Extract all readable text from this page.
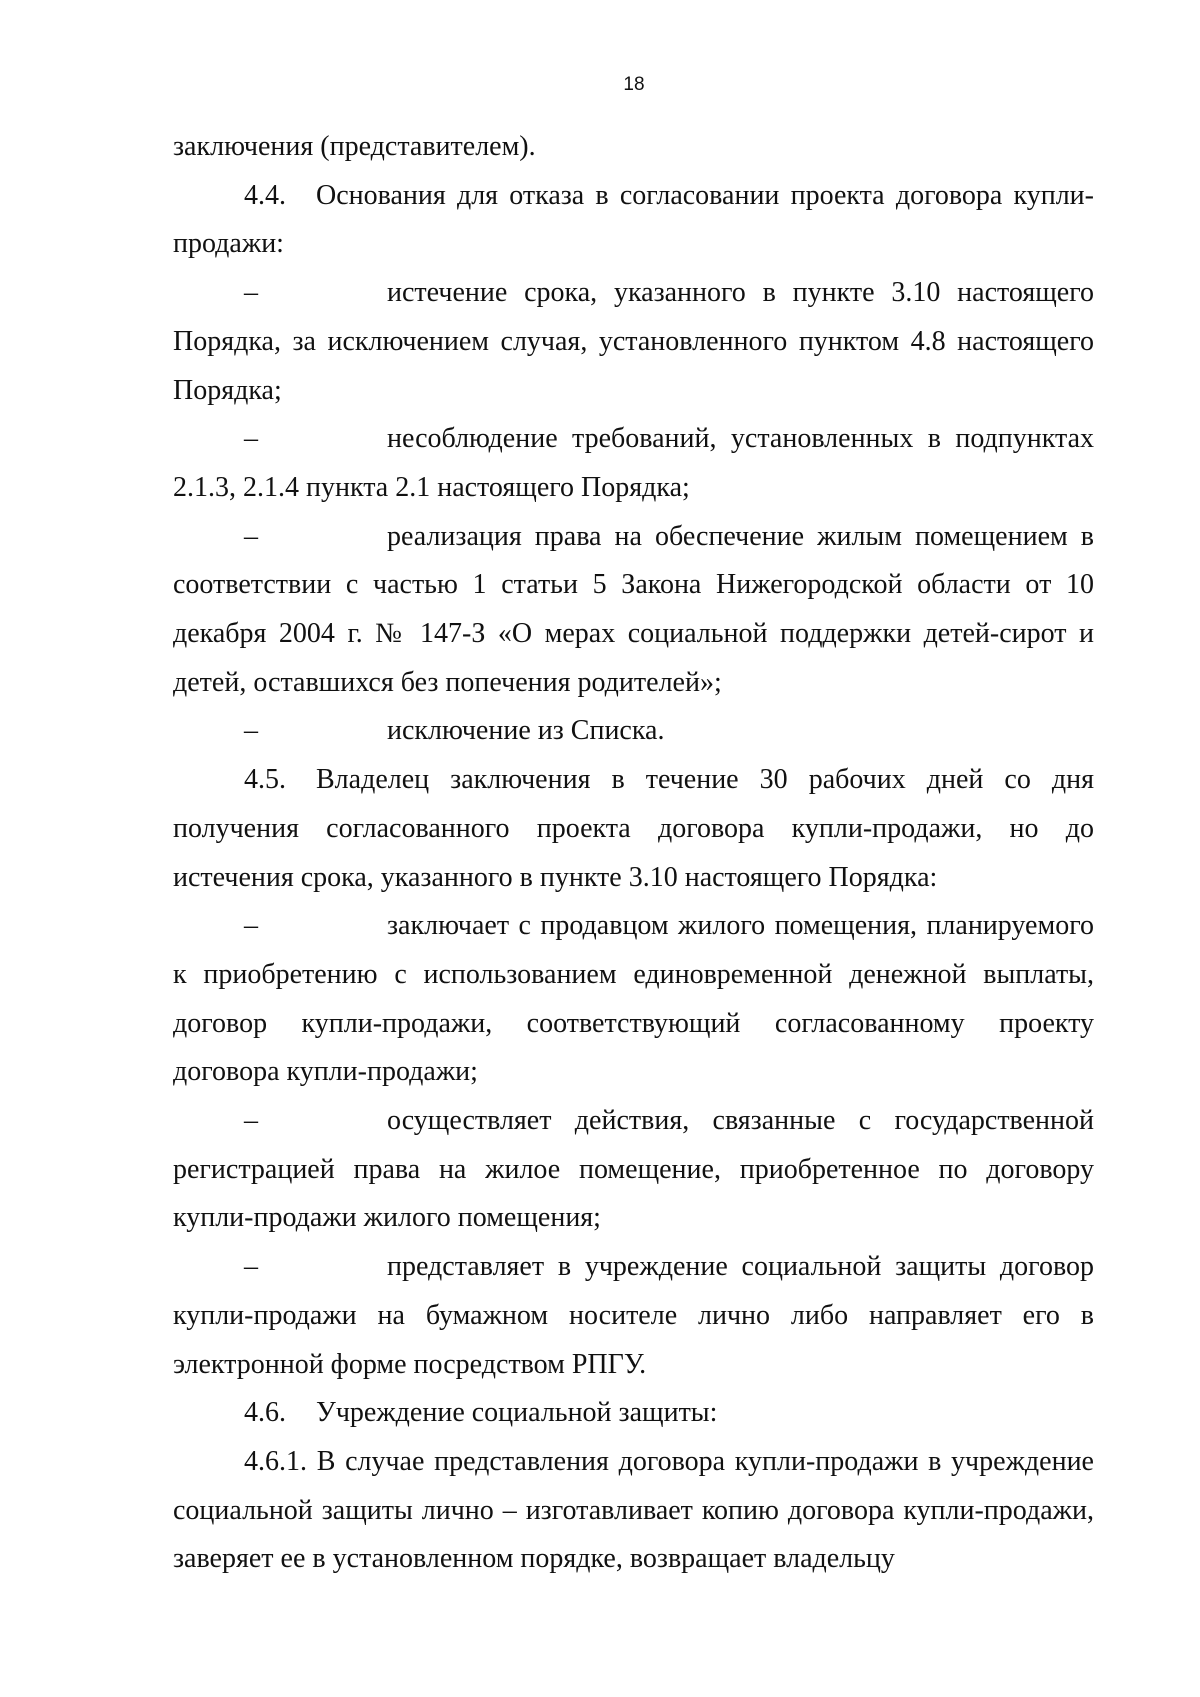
18

заключения (представителем).

4.4. Основания для отказа в согласовании проекта договора купли-продажи:

–	истечение срока, указанного в пункте 3.10 настоящего Порядка, за исключением случая, установленного пунктом 4.8 настоящего Порядка;

–	несоблюдение требований, установленных в подпунктах 2.1.3, 2.1.4 пункта 2.1 настоящего Порядка;

–	реализация права на обеспечение жилым помещением в соответствии с частью 1 статьи 5 Закона Нижегородской области от 10 декабря 2004 г. № 147-З «О мерах социальной поддержки детей-сирот и детей, оставшихся без попечения родителей»;

–	исключение из Списка.

4.5. Владелец заключения в течение 30 рабочих дней со дня получения согласованного проекта договора купли-продажи, но до истечения срока, указанного в пункте 3.10 настоящего Порядка:

–	заключает с продавцом жилого помещения, планируемого к приобретению с использованием единовременной денежной выплаты, договор купли-продажи, соответствующий согласованному проекту договора купли-продажи;

–	осуществляет действия, связанные с государственной регистрацией права на жилое помещение, приобретенное по договору купли-продажи жилого помещения;

–	представляет в учреждение социальной защиты договор купли-продажи на бумажном носителе лично либо направляет его в электронной форме посредством РПГУ.

4.6. Учреждение социальной защиты:

4.6.1. В случае представления договора купли-продажи в учреждение социальной защиты лично – изготавливает копию договора купли-продажи, заверяет ее в установленном порядке, возвращает владельцу
